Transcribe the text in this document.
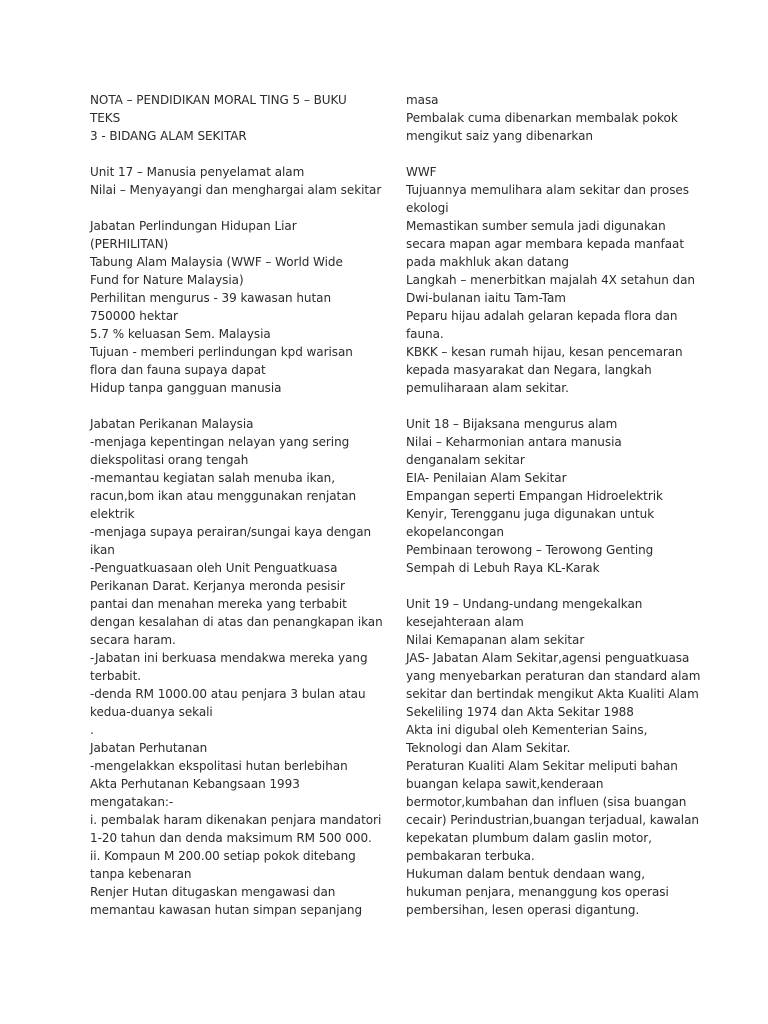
NOTA – PENDIDIKAN MORAL TING 5 – BUKU
TEKS
3 - BIDANG ALAM SEKITAR
Unit 17 – Manusia penyelamat alam
Nilai – Menyayangi dan menghargai alam sekitar
Jabatan Perlindungan Hidupan Liar
(PERHILITAN)
Tabung Alam Malaysia (WWF – World Wide
Fund for Nature Malaysia)
Perhilitan mengurus - 39 kawasan hutan
750000 hektar
5.7 % keluasan Sem. Malaysia
Tujuan - memberi perlindungan kpd warisan
flora dan fauna supaya dapat
Hidup tanpa gangguan manusia
Jabatan Perikanan Malaysia
-menjaga kepentingan nelayan yang sering
diekspolitasi orang tengah
-memantau kegiatan salah menuba ikan,
racun,bom ikan atau menggunakan renjatan
elektrik
-menjaga supaya perairan/sungai kaya dengan
ikan
-Penguatkuasaan oleh Unit Penguatkuasa
Perikanan Darat. Kerjanya meronda pesisir
pantai dan menahan mereka yang terbabit
dengan kesalahan di atas dan penangkapan ikan
secara haram.
-Jabatan ini berkuasa mendakwa mereka yang
terbabit.
-denda RM 1000.00 atau penjara 3 bulan atau
kedua-duanya sekali
.
Jabatan Perhutanan
-mengelakkan ekspolitasi hutan berlebihan
Akta Perhutanan Kebangsaan 1993
mengatakan:-
i. pembalak haram dikenakan penjara mandatori
1-20 tahun dan denda maksimum RM 500 000.
ii. Kompaun M 200.00 setiap pokok ditebang
tanpa kebenaran
Renjer Hutan ditugaskan mengawasi dan
memantau kawasan hutan simpan sepanjang
masa
Pembalak cuma dibenarkan membalak pokok
mengikut saiz yang dibenarkan
WWF
Tujuannya memulihara alam sekitar dan proses
ekologi
Memastikan sumber semula jadi digunakan
secara mapan agar membara kepada manfaat
pada makhluk akan datang
Langkah – menerbitkan majalah 4X setahun dan
Dwi-bulanan iaitu Tam-Tam
Peparu hijau adalah gelaran kepada flora dan
fauna.
KBKK – kesan rumah hijau, kesan pencemaran
kepada masyarakat dan Negara, langkah
pemuliharaan alam sekitar.
Unit 18 – Bijaksana mengurus alam
Nilai – Keharmonian antara manusia
denganalam sekitar
EIA- Penilaian Alam Sekitar
Empangan seperti Empangan Hidroelektrik
Kenyir, Terengganu juga digunakan untuk
ekopelancongan
Pembinaan terowong – Terowong Genting
Sempah di Lebuh Raya KL-Karak
Unit 19 – Undang-undang mengekalkan
kesejahteraan alam
Nilai Kemapanan alam sekitar
JAS- Jabatan Alam Sekitar,agensi penguatkuasa
yang menyebarkan peraturan dan standard alam
sekitar dan bertindak mengikut Akta Kualiti Alam
Sekeliling 1974 dan Akta Sekitar 1988
Akta ini digubal oleh Kementerian Sains,
Teknologi dan Alam Sekitar.
Peraturan Kualiti Alam Sekitar meliputi bahan
buangan kelapa sawit,kenderaan
bermotor,kumbahan dan influen (sisa buangan
cecair) Perindustrian,buangan terjadual, kawalan
kepekatan plumbum dalam gaslin motor,
pembakaran terbuka.
Hukuman dalam bentuk dendaan wang,
hukuman penjara, menanggung kos operasi
pembersihan, lesen operasi digantung.
